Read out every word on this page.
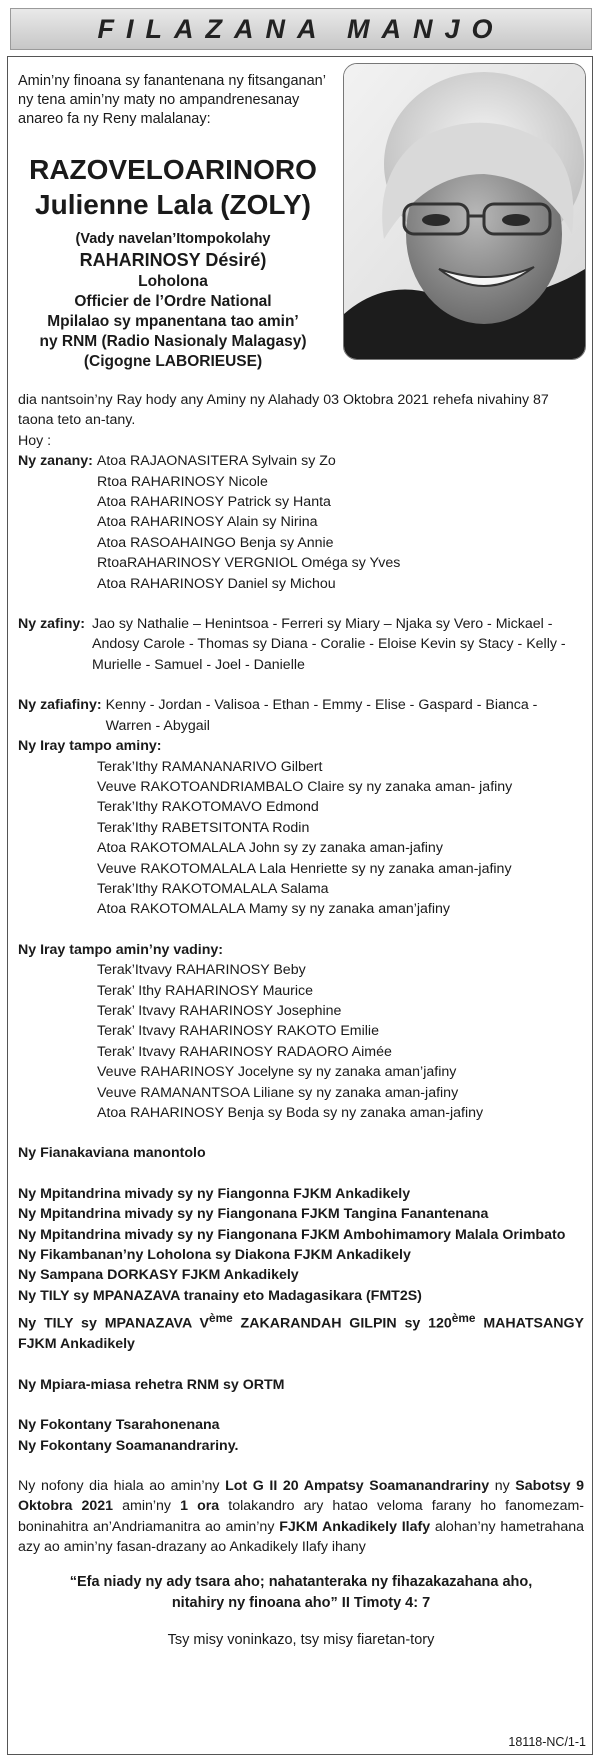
FILAZANA MANJO
Amin’ny finoana sy fanantenana ny fitsanganan’ ny tena amin’ny maty no ampandrenesanay anareo fa ny Reny malalanay:
RAZOVELOARINORO
Julienne Lala (ZOLY)
(Vady navelan’Itompokolahy
RAHARINOSY Désiré)
Loholona
Officier de l’Ordre National
Mpilalao sy mpanentana tao amin’
ny RNM (Radio Nasionaly Malagasy)
(Cigogne LABORIEUSE)

dia nantsoin’ny Ray hody any Aminy ny Alahady 03 Oktobra 2021 rehefa nivahiny 87 taona teto an-tany.

Hoy :

Ny zanany: Atoa RAJAONASITERA Sylvain sy Zo
Rtoa RAHARINOSY Nicole
Atoa RAHARINOSY Patrick sy Hanta
Atoa RAHARINOSY Alain sy Nirina
Atoa RASOAHAINGO Benja sy Annie
RtoaRAHARINOSY VERGNIOL Oméga sy Yves
Atoa RAHARINOSY Daniel sy Michou
Ny zafiny: Jao sy Nathalie – Henintsoa - Ferreri sy Miary – Njaka sy Vero - Mickael - Andosy Carole - Thomas sy Diana - Coralie - Eloise Kevin sy Stacy - Kelly - Murielle - Samuel - Joel - Danielle
Ny zafiafiny: Kenny - Jordan - Valisoa - Ethan - Emmy - Elise - Gaspard - Bianca - Warren - Abygail
Ny Iray tampo aminy:
Terak’Ithy RAMANANARIVO Gilbert
Veuve RAKOTOANDRIAMBALO Claire sy ny zanaka aman- jafiny
Terak’Ithy RAKOTOMAVO Edmond
Terak’Ithy RABETSITONTA Rodin
Atoa RAKOTOMALALA John sy zy zanaka aman-jafiny
Veuve RAKOTOMALALA Lala Henriette sy ny zanaka aman-jafiny
Terak’Ithy RAKOTOMALALA Salama
Atoa RAKOTOMALALA Mamy sy ny zanaka aman’jafiny
Ny Iray tampo amin’ny vadiny:
Terak’Itvavy RAHARINOSY Beby
Terak’ Ithy RAHARINOSY Maurice
Terak’ Itvavy RAHARINOSY Josephine
Terak’ Itvavy RAHARINOSY RAKOTO Emilie
Terak’ Itvavy RAHARINOSY RADAORO Aimée
Veuve RAHARINOSY Jocelyne sy ny zanaka aman’jafiny
Veuve RAMANANTSOA Liliane sy ny zanaka aman-jafiny
Atoa RAHARINOSY Benja sy Boda sy ny zanaka aman-jafiny
Ny Fianakaviana manontolo
Ny Mpitandrina mivady sy ny Fiangonna FJKM Ankadikely
Ny Mpitandrina mivady sy ny Fiangonana FJKM Tangina Fanantenana
Ny Mpitandrina mivady sy ny Fiangonana FJKM Ambohimamory Malala Orimbato
Ny Fikambanan’ny Loholona sy Diakona FJKM Ankadikely
Ny Sampana DORKASY FJKM Ankadikely
Ny TILY sy MPANAZAVA tranainy eto Madagasikara (FMT2S)
Ny TILY sy MPANAZAVA Vème ZAKARANDAH GILPIN sy 120ème MAHATSANGY FJKM Ankadikely
Ny Mpiara-miasa rehetra RNM sy ORTM
Ny Fokontany Tsarahonenana
Ny Fokontany Soamanandrariny.
Ny nofony dia hiala ao amin’ny Lot G II 20 Ampatsy Soamanandrariny ny Sabotsy 9 Oktobra 2021 amin’ny 1 ora tolakandro ary hatao veloma farany ho fanomezam-boninahitra an’Andriamanitra ao amin’ny FJKM Ankadikely Ilafy alohan’ny hametrahana azy ao amin’ny fasan-drazany ao Ankadikely Ilafy ihany
“Efa niady ny ady tsara aho; nahatanteraka ny fihazakazahana aho,
nitahiry ny finoana aho” II Timoty 4: 7
Tsy misy voninkazo, tsy misy fiaretan-tory
18118-NC/1-1
